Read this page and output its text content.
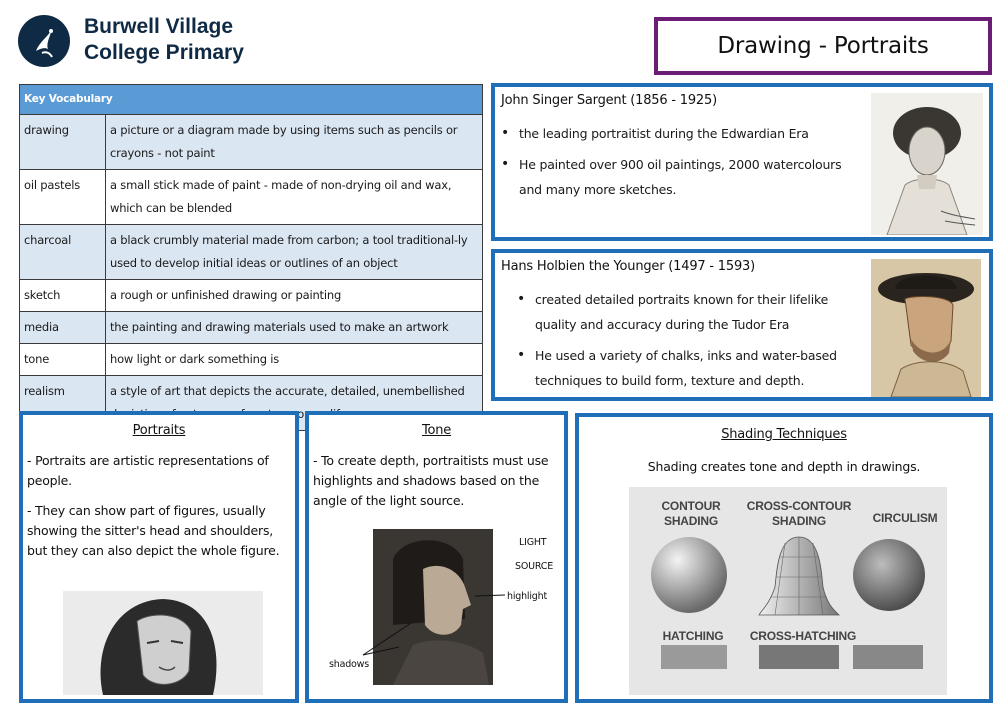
Burwell Village
College Primary	Drawing - Portraits
Key Vocabulary	
drawing	a picture or a diagram made by using items such as pencils or crayons - not paint
oil pastels	a small stick made of paint - made of non-drying oil and wax, which can be blended
charcoal	a black crumbly material made from carbon; a tool traditional-ly used to develop initial ideas or outlines of an object
sketch	a rough or unfinished drawing or painting
media	the painting and drawing materials used to make an artwork
tone	how light or dark something is
realism	a style of art that depicts the accurate, detailed, unembellished
John Singer Sargent (1856 - 1925)
• the leading portraitist during the Edwardian Era
• He painted over 900 oil paintings, 2000 watercolours and many more sketches.
Hans Holbien the Younger (1497 - 1593)
• created detailed portraits known for their lifelike quality and accuracy during the Tudor Era
• He used a variety of chalks, inks and water-based techniques to build form, texture and depth.
Portraits
- Portraits are artistic representations of people.
- They can show part of figures, usually showing the sitter's head and shoulders, but they can also depict the whole figure.
Tone
- To create depth, portraitists must use highlights and shadows based on the angle of the light source.
LIGHT
SOURCE
highlight
shadows
Shading Techniques
Shading creates tone and depth in drawings.
CONTOUR
SHADING
CROSS-CONTOUR
SHADING	CIRCULISM
HATCHING	CROSS-HATCHING
